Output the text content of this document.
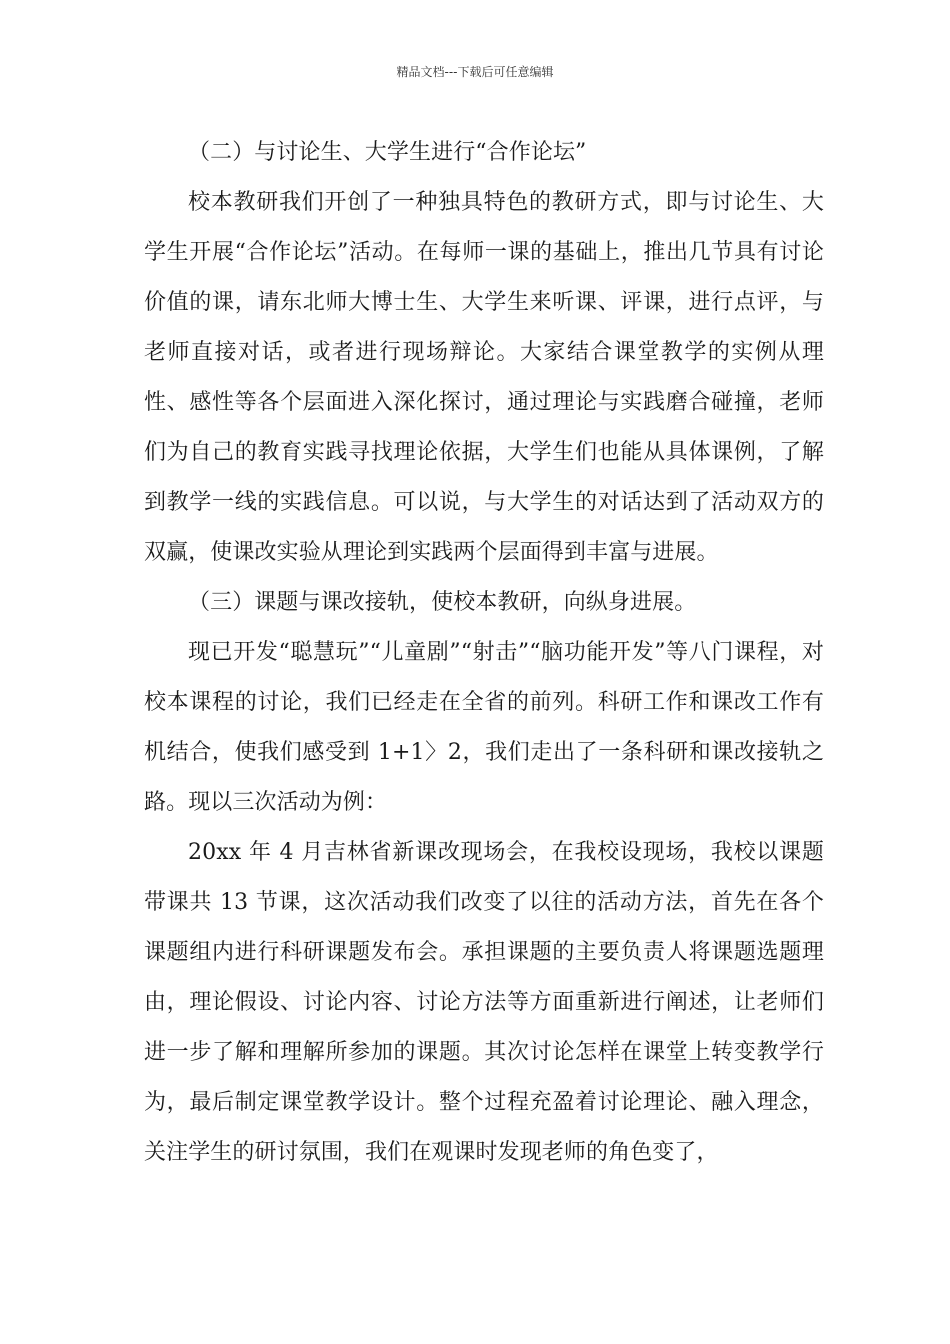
精品文档---下载后可任意编辑

（二）与讨论生、大学生进行“合作论坛”

校本教研我们开创了一种独具特色的教研方式，即与讨论生、大学生开展“合作论坛”活动。在每师一课的基础上，推出几节具有讨论价值的课，请东北师大博士生、大学生来听课、评课，进行点评，与老师直接对话，或者进行现场辩论。大家结合课堂教学的实例从理性、感性等各个层面进入深化探讨，通过理论与实践磨合碰撞，老师们为自己的教育实践寻找理论依据，大学生们也能从具体课例，了解到教学一线的实践信息。可以说，与大学生的对话达到了活动双方的双赢，使课改实验从理论到实践两个层面得到丰富与进展。

（三）课题与课改接轨，使校本教研，向纵身进展。

现已开发“聪慧玩”“儿童剧”“射击”“脑功能开发”等八门课程，对校本课程的讨论，我们已经走在全省的前列。科研工作和课改工作有机结合，使我们感受到 1+1〉2，我们走出了一条科研和课改接轨之路。现以三次活动为例：

20xx 年 4 月吉林省新课改现场会，在我校设现场，我校以课题带课共 13 节课，这次活动我们改变了以往的活动方法，首先在各个课题组内进行科研课题发布会。承担课题的主要负责人将课题选题理由，理论假设、讨论内容、讨论方法等方面重新进行阐述，让老师们进一步了解和理解所参加的课题。其次讨论怎样在课堂上转变教学行为，最后制定课堂教学设计。整个过程充盈着讨论理论、融入理念，关注学生的研讨氛围，我们在观课时发现老师的角色变了，
